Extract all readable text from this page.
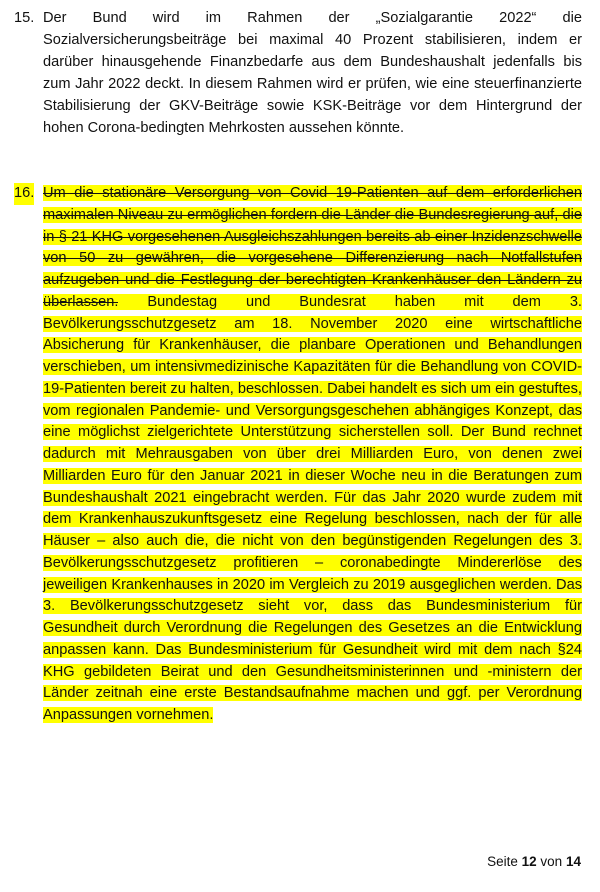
15. Der Bund wird im Rahmen der „Sozialgarantie 2022“ die Sozialversicherungsbeiträge bei maximal 40 Prozent stabilisieren, indem er darüber hinausgehende Finanzbedarfe aus dem Bundeshaushalt jedenfalls bis zum Jahr 2022 deckt. In diesem Rahmen wird er prüfen, wie eine steuerfinanzierte Stabilisierung der GKV-Beiträge sowie KSK-Beiträge vor dem Hintergrund der hohen Corona-bedingten Mehrkosten aussehen könnte.
16. Um die stationäre Versorgung von Covid 19-Patienten auf dem erforderlichen maximalen Niveau zu ermöglichen fordern die Länder die Bundesregierung auf, die in § 21 KHG vorgesehenen Ausgleichszahlungen bereits ab einer Inzidenzschwelle von 50 zu gewähren, die vorgesehene Differenzierung nach Notfallstufen aufzugeben und die Festlegung der berechtigten Krankenhäuser den Ländern zu überlassen. Bundestag und Bundesrat haben mit dem 3. Bevölkerungsschutzgesetz am 18. November 2020 eine wirtschaftliche Absicherung für Krankenhäuser, die planbare Operationen und Behandlungen verschieben, um intensivmedizinische Kapazitäten für die Behandlung von COVID-19-Patienten bereit zu halten, beschlossen. Dabei handelt es sich um ein gestuftes, vom regionalen Pandemie- und Versorgungsgeschehen abhängiges Konzept, das eine möglichst zielgerichtete Unterstützung sicherstellen soll. Der Bund rechnet dadurch mit Mehrausgaben von über drei Milliarden Euro, von denen zwei Milliarden Euro für den Januar 2021 in dieser Woche neu in die Beratungen zum Bundeshaushalt 2021 eingebracht werden. Für das Jahr 2020 wurde zudem mit dem Krankenhauszukunftsgesetz eine Regelung beschlossen, nach der für alle Häuser – also auch die, die nicht von den begünstigenden Regelungen des 3. Bevölkerungsschutzgesetz profitieren – coronabedingte Mindererlöse des jeweiligen Krankenhauses in 2020 im Vergleich zu 2019 ausgeglichen werden. Das 3. Bevölkerungsschutzgesetz sieht vor, dass das Bundesministerium für Gesundheit durch Verordnung die Regelungen des Gesetzes an die Entwicklung anpassen kann. Das Bundesministerium für Gesundheit wird mit dem nach §24 KHG gebildeten Beirat und den Gesundheitsministerinnen und -ministern der Länder zeitnah eine erste Bestandsaufnahme machen und ggf. per Verordnung Anpassungen vornehmen.
Seite 12 von 14
